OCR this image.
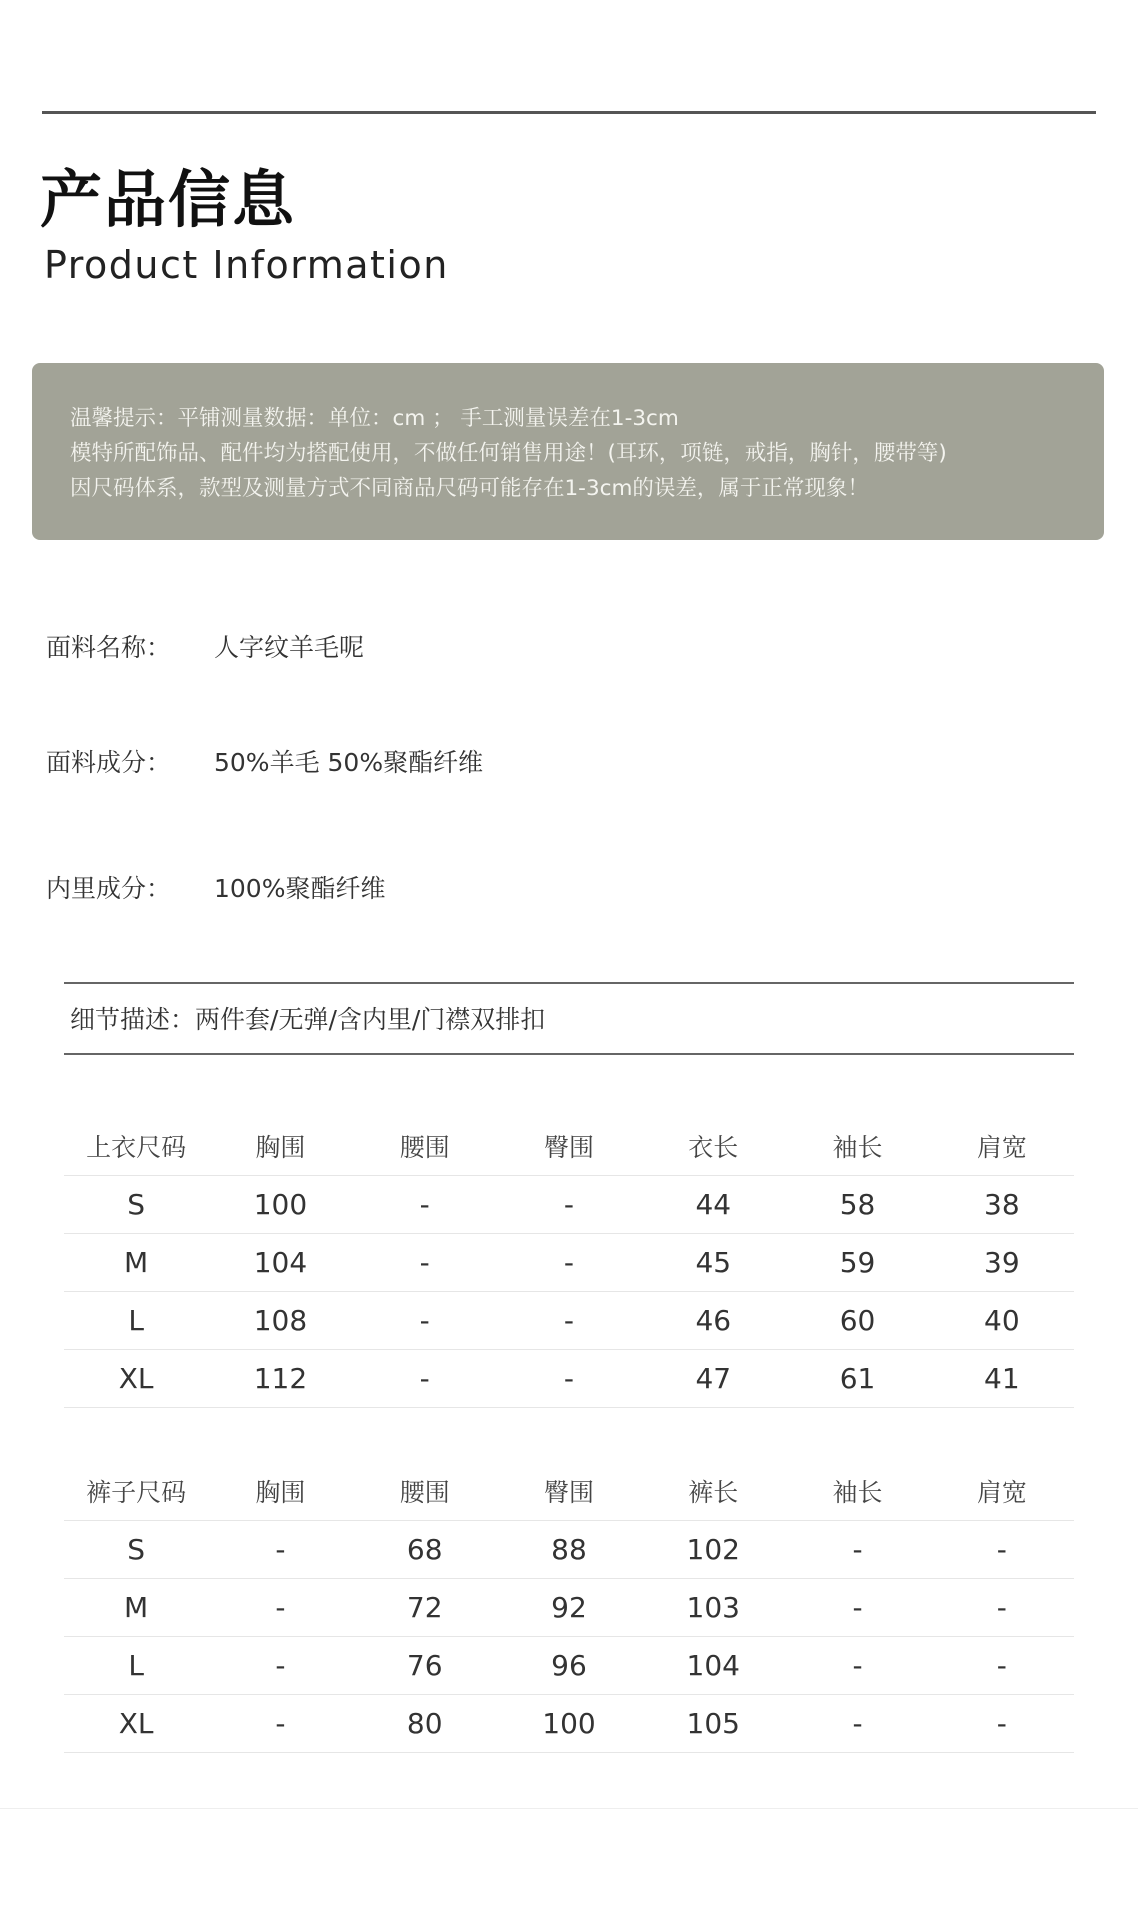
产品信息
Product Information
温馨提示：平铺测量数据：单位：cm ； 手工测量误差在1-3cm
模特所配饰品、配件均为搭配使用，不做任何销售用途！(耳环，项链，戒指，胸针，腰带等)
因尺码体系，款型及测量方式不同商品尺码可能存在1-3cm的误差，属于正常现象！
面料名称： 人字纹羊毛呢
面料成分： 50%羊毛 50%聚酯纤维
内里成分： 100%聚酯纤维
细节描述：两件套/无弹/含内里/门襟双排扣
上衣尺码	胸围	腰围	臀围	衣长	袖长	肩宽
S	100	-	-	44	58	38
M	104	-	-	45	59	39
L	108	-	-	46	60	40
XL	112	-	-	47	61	41
裤子尺码	胸围	腰围	臀围	裤长	袖长	肩宽
S	-	68	88	102	-	-
M	-	72	92	103	-	-
L	-	76	96	104	-	-
XL	-	80	100	105	-	-
